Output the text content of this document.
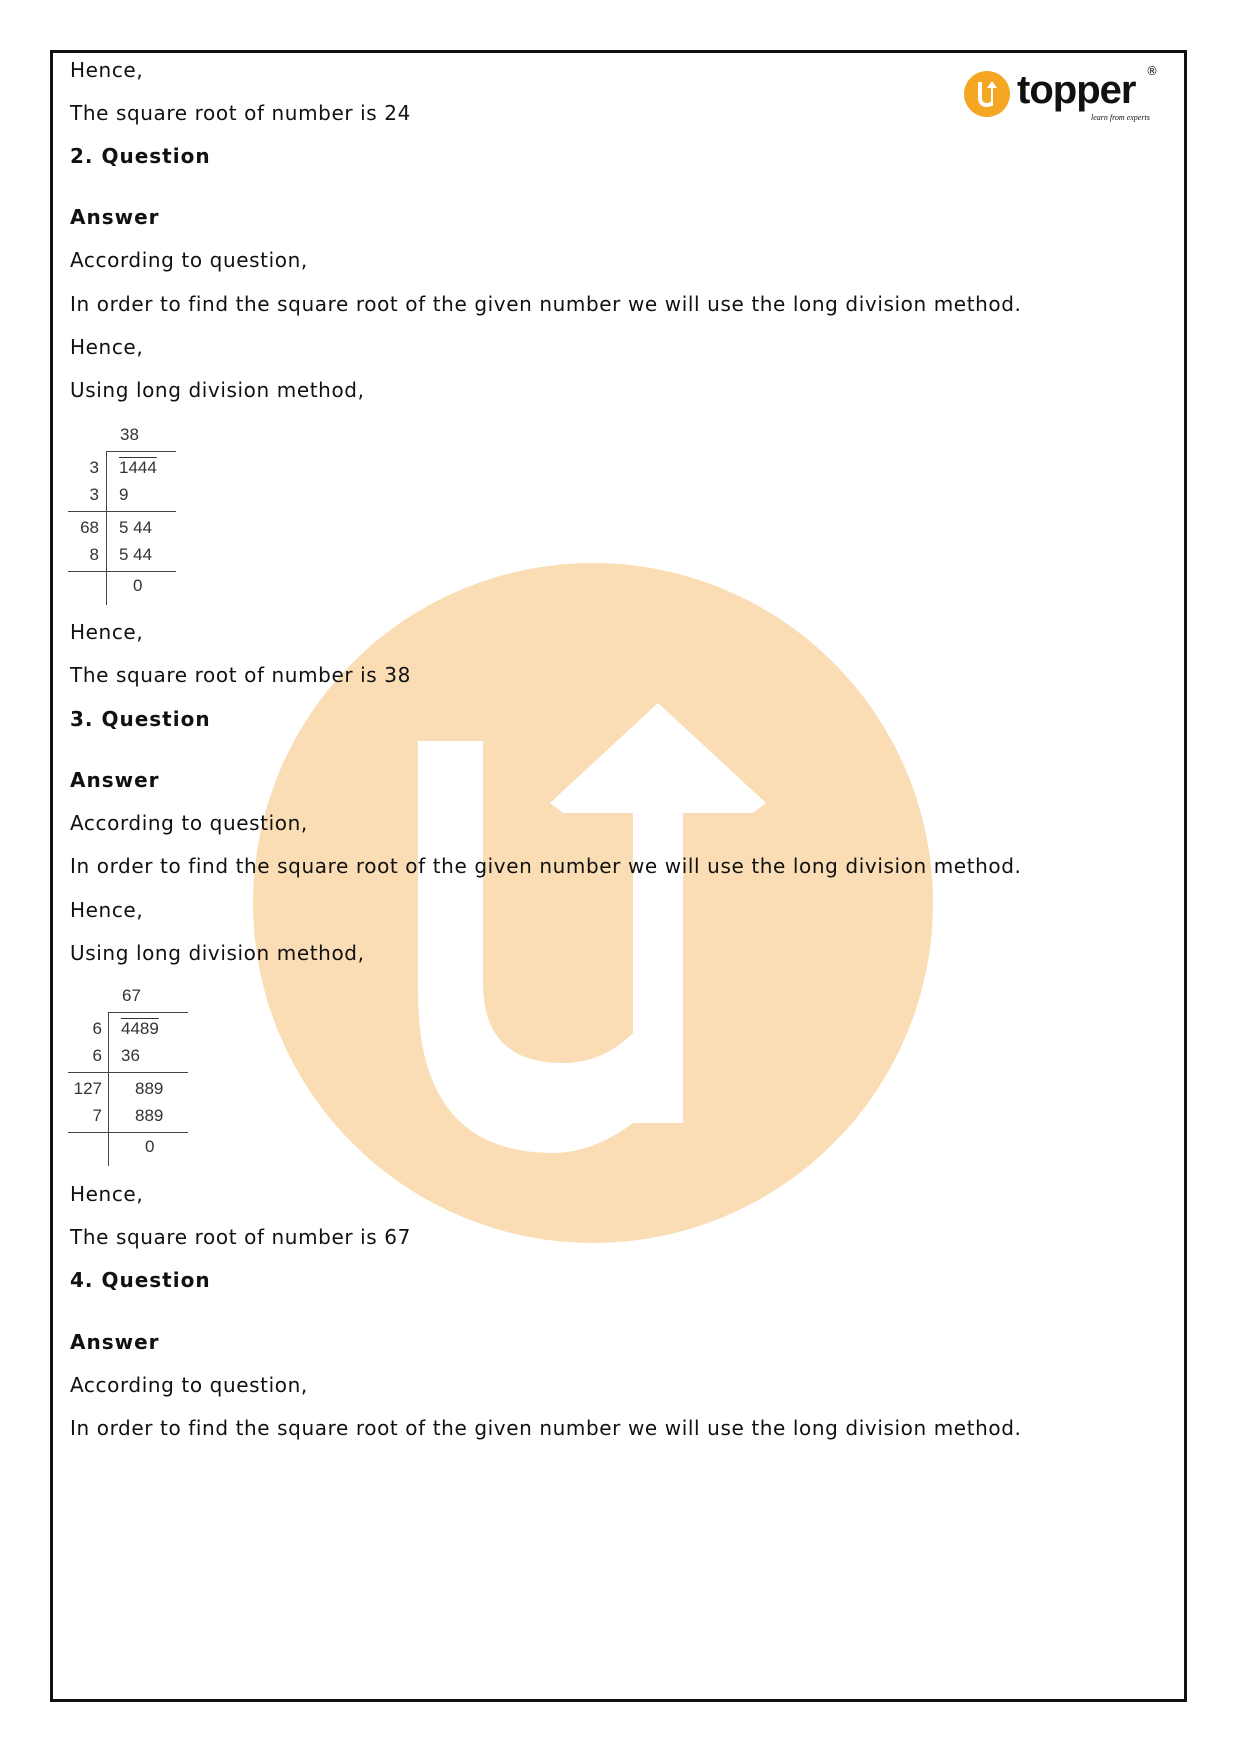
topper ®
learn from experts
Hence,
The square root of number is 24
2. Question
Answer
According to question,
In order to find the square root of the given number we will use the long division method.
Hence,
Using long division method,
38
3 1444
3 9
68 5 44
8 5 44
0
Hence,
The square root of number is 38
3. Question
Answer
According to question,
In order to find the square root of the given number we will use the long division method.
Hence,
Using long division method,
67
6 4489
6 36
127 889
7 889
0
Hence,
The square root of number is 67
4. Question
Answer
According to question,
In order to find the square root of the given number we will use the long division method.
